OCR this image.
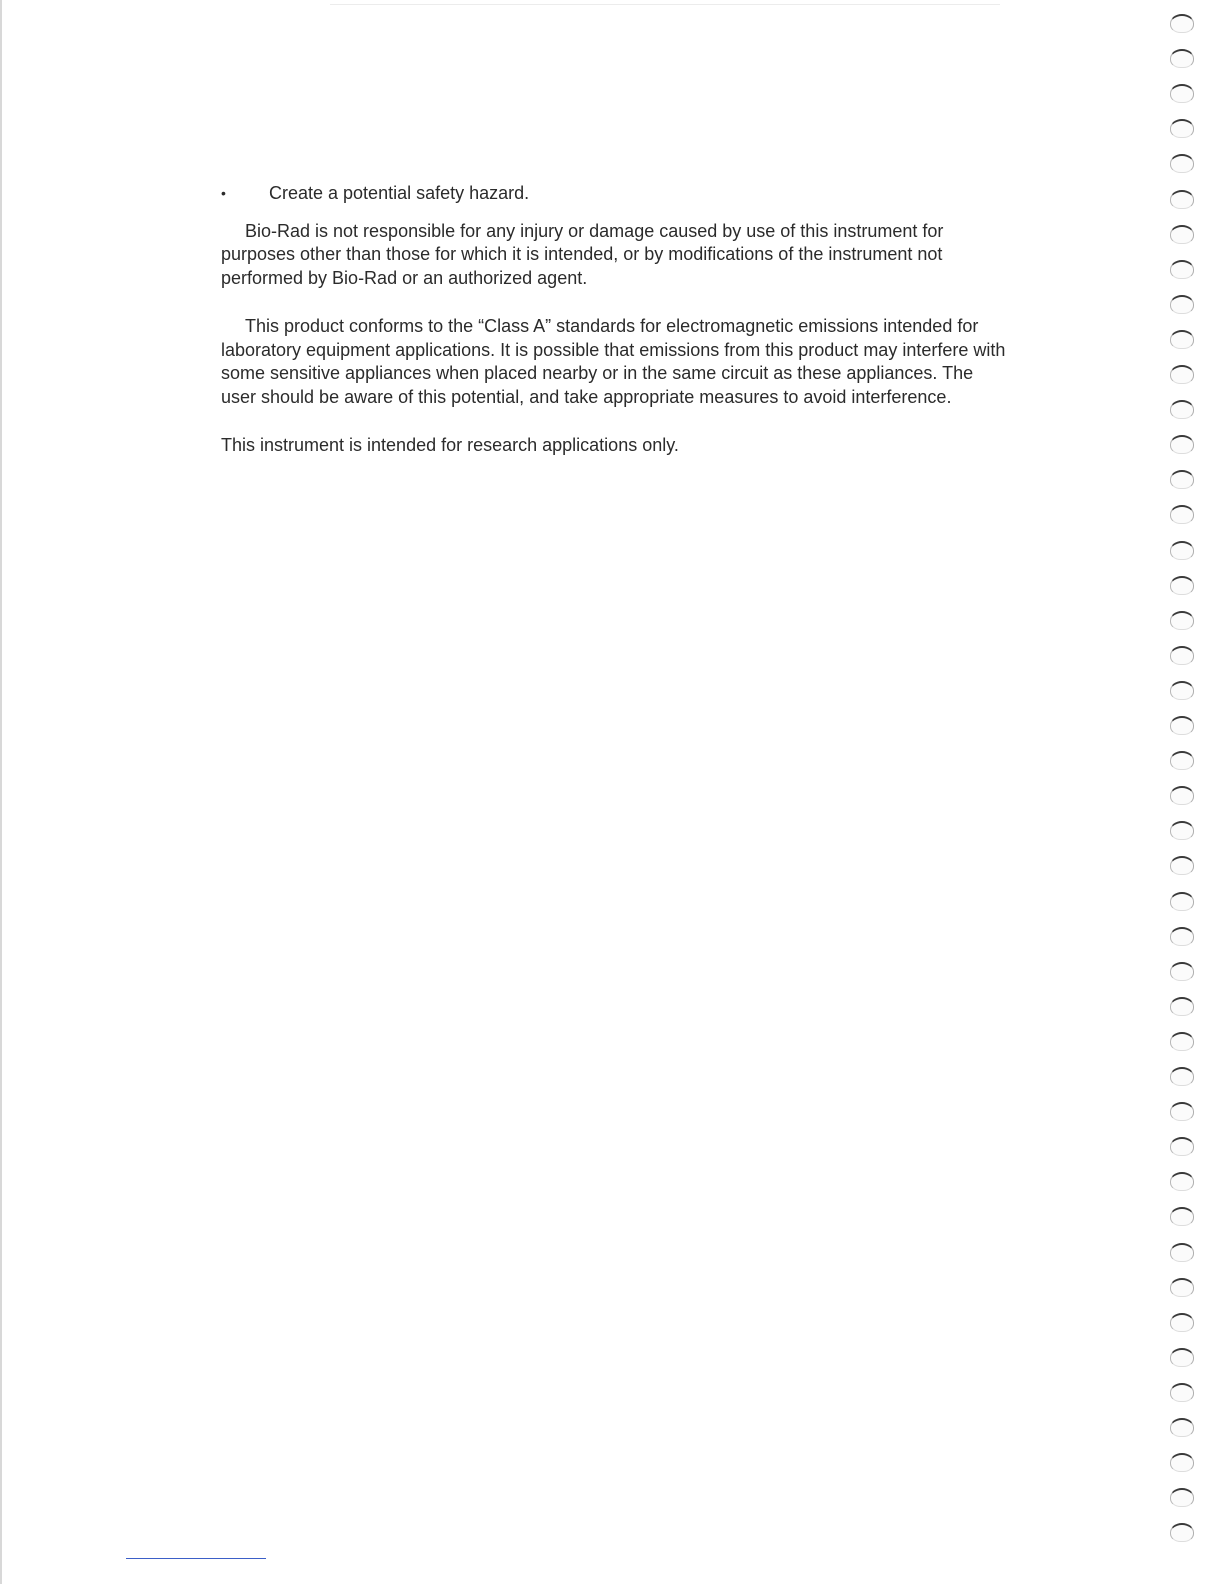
•	Create a potential safety hazard.

Bio-Rad is not responsible for any injury or damage caused by use of this instrument for purposes other than those for which it is intended, or by modifications of the instrument not performed by Bio-Rad or an authorized agent.

This product conforms to the “Class A” standards for electromagnetic emissions intended for laboratory equipment applications. It is possible that emissions from this product may interfere with some sensitive appliances when placed nearby or in the same circuit as these appliances. The user should be aware of this potential, and take appropriate measures to avoid interference.

This instrument is intended for research applications only.
